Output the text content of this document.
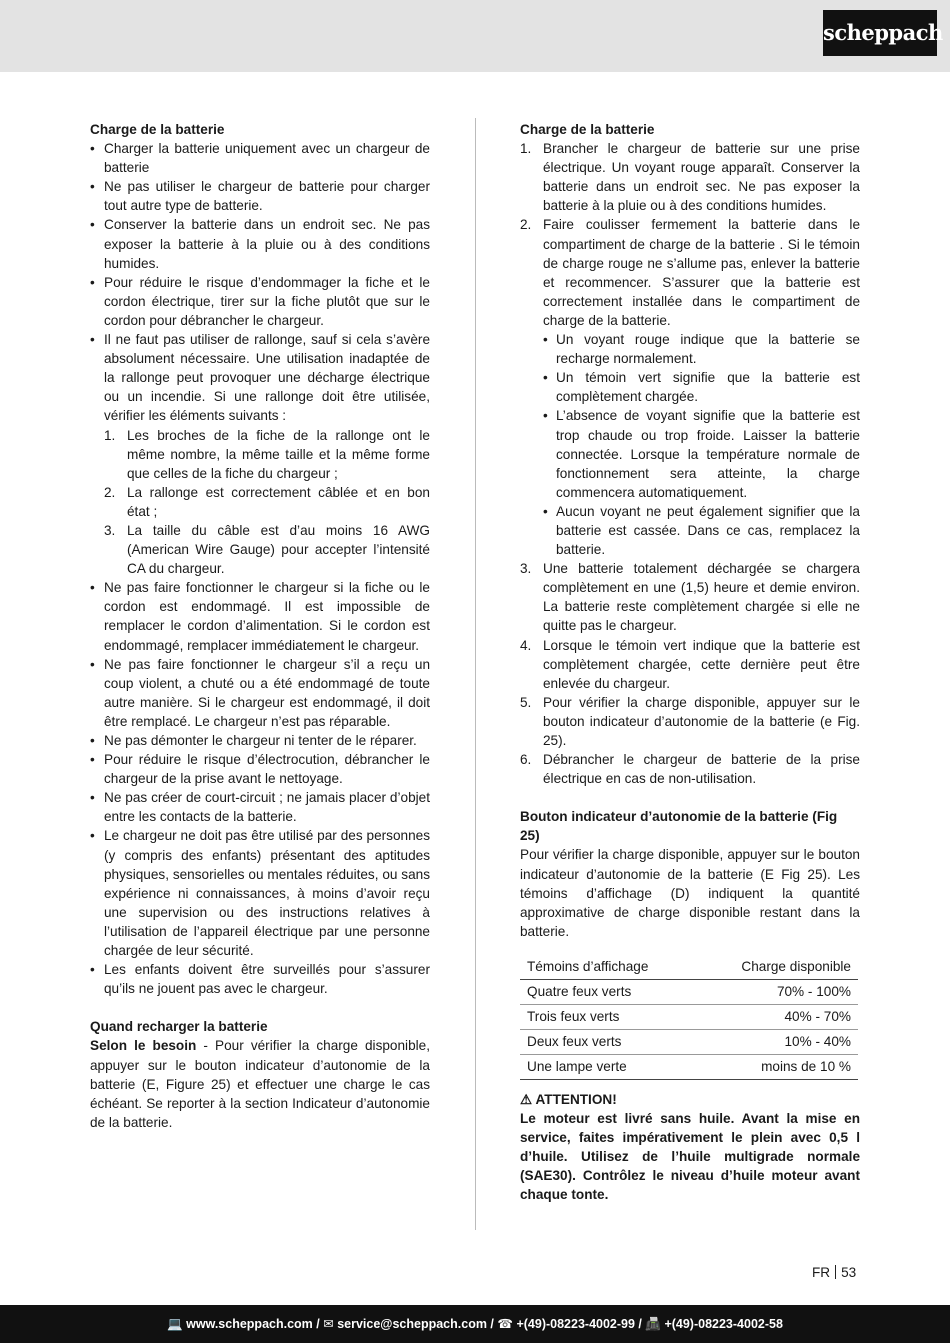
scheppach
Charge de la batterie
• Charger la batterie uniquement avec un chargeur de batterie
• Ne pas utiliser le chargeur de batterie pour charger tout autre type de batterie.
• Conserver la batterie dans un endroit sec. Ne pas exposer la batterie à la pluie ou à des conditions humides.
• Pour réduire le risque d’endommager la fiche et le cordon électrique, tirer sur la fiche plutôt que sur le cordon pour débrancher le chargeur.
• Il ne faut pas utiliser de rallonge, sauf si cela s’avère absolument nécessaire. Une utilisation inadaptée de la rallonge peut provoquer une décharge électrique ou un incendie. Si une rallonge doit être utilisée, vérifier les éléments suivants :
1. Les broches de la fiche de la rallonge ont le même nombre, la même taille et la même forme que celles de la fiche du chargeur ;
2. La rallonge est correctement câblée et en bon état ;
3. La taille du câble est d’au moins 16 AWG (American Wire Gauge) pour accepter l’intensité CA du chargeur.
• Ne pas faire fonctionner le chargeur si la fiche ou le cordon est endommagé. Il est impossible de remplacer le cordon d’alimentation. Si le cordon est endommagé, remplacer immédiatement le chargeur.
• Ne pas faire fonctionner le chargeur s’il a reçu un coup violent, a chuté ou a été endommagé de toute autre manière. Si le chargeur est endommagé, il doit être remplacé. Le chargeur n’est pas réparable.
• Ne pas démonter le chargeur ni tenter de le réparer.
• Pour réduire le risque d’électrocution, débrancher le chargeur de la prise avant le nettoyage.
• Ne pas créer de court-circuit ; ne jamais placer d’objet entre les contacts de la batterie.
• Le chargeur ne doit pas être utilisé par des personnes (y compris des enfants) présentant des aptitudes physiques, sensorielles ou mentales réduites, ou sans expérience ni connaissances, à moins d’avoir reçu une supervision ou des instructions relatives à l’utilisation de l’appareil électrique par une personne chargée de leur sécurité.
• Les enfants doivent être surveillés pour s’assurer qu’ils ne jouent pas avec le chargeur.
Quand recharger la batterie

Selon le besoin - Pour vérifier la charge disponible, appuyer sur le bouton indicateur d’autonomie de la batterie (E, Figure 25) et effectuer une charge le cas échéant. Se reporter à la section Indicateur d’autonomie de la batterie.

Charge de la batterie
1. Brancher le chargeur de batterie sur une prise électrique. Un voyant rouge apparaît. Conserver la batterie dans un endroit sec. Ne pas exposer la batterie à la pluie ou à des conditions humides.
2. Faire coulisser fermement la batterie dans le compartiment de charge de la batterie . Si le témoin de charge rouge ne s’allume pas, enlever la batterie et recommencer. S’assurer que la batterie est correctement installée dans le compartiment de charge de la batterie.
• Un voyant rouge indique que la batterie se recharge normalement.
• Un témoin vert signifie que la batterie est complètement chargée.
• L’absence de voyant signifie que la batterie est trop chaude ou trop froide. Laisser la batterie connectée. Lorsque la température normale de fonctionnement sera atteinte, la charge commencera automatiquement.
• Aucun voyant ne peut également signifier que la batterie est cassée. Dans ce cas, remplacez la batterie.
3. Une batterie totalement déchargée se chargera complètement en une (1,5) heure et demie environ. La batterie reste complètement chargée si elle ne quitte pas le chargeur.
4. Lorsque le témoin vert indique que la batterie est complètement chargée, cette dernière peut être enlevée du chargeur.
5. Pour vérifier la charge disponible, appuyer sur le bouton indicateur d’autonomie de la batterie (e Fig. 25).
6. Débrancher le chargeur de batterie de la prise électrique en cas de non-utilisation.
Bouton indicateur d’autonomie de la batterie (Fig 25)

Pour vérifier la charge disponible, appuyer sur le bouton indicateur d’autonomie de la batterie (E Fig 25). Les témoins d’affichage (D) indiquent la quantité approximative de charge disponible restant dans la batterie.

Témoins d’affichage	Charge disponible
Quatre feux verts	70% - 100%
Trois feux verts	40% - 70%
Deux feux verts	10% - 40%
Une lampe verte	moins de 10 %
⚠ ATTENTION!
Le moteur est livré sans huile. Avant la mise en service, faites impérativement le plein avec 0,5 l d’huile. Utilisez de l’huile multigrade normale (SAE30). Contrôlez le niveau d’huile moteur avant chaque tonte.
FR 53
💻 www.scheppach.com / ✉ service@scheppach.com / ☎ +(49)-08223-4002-99 / 📠 +(49)-08223-4002-58
